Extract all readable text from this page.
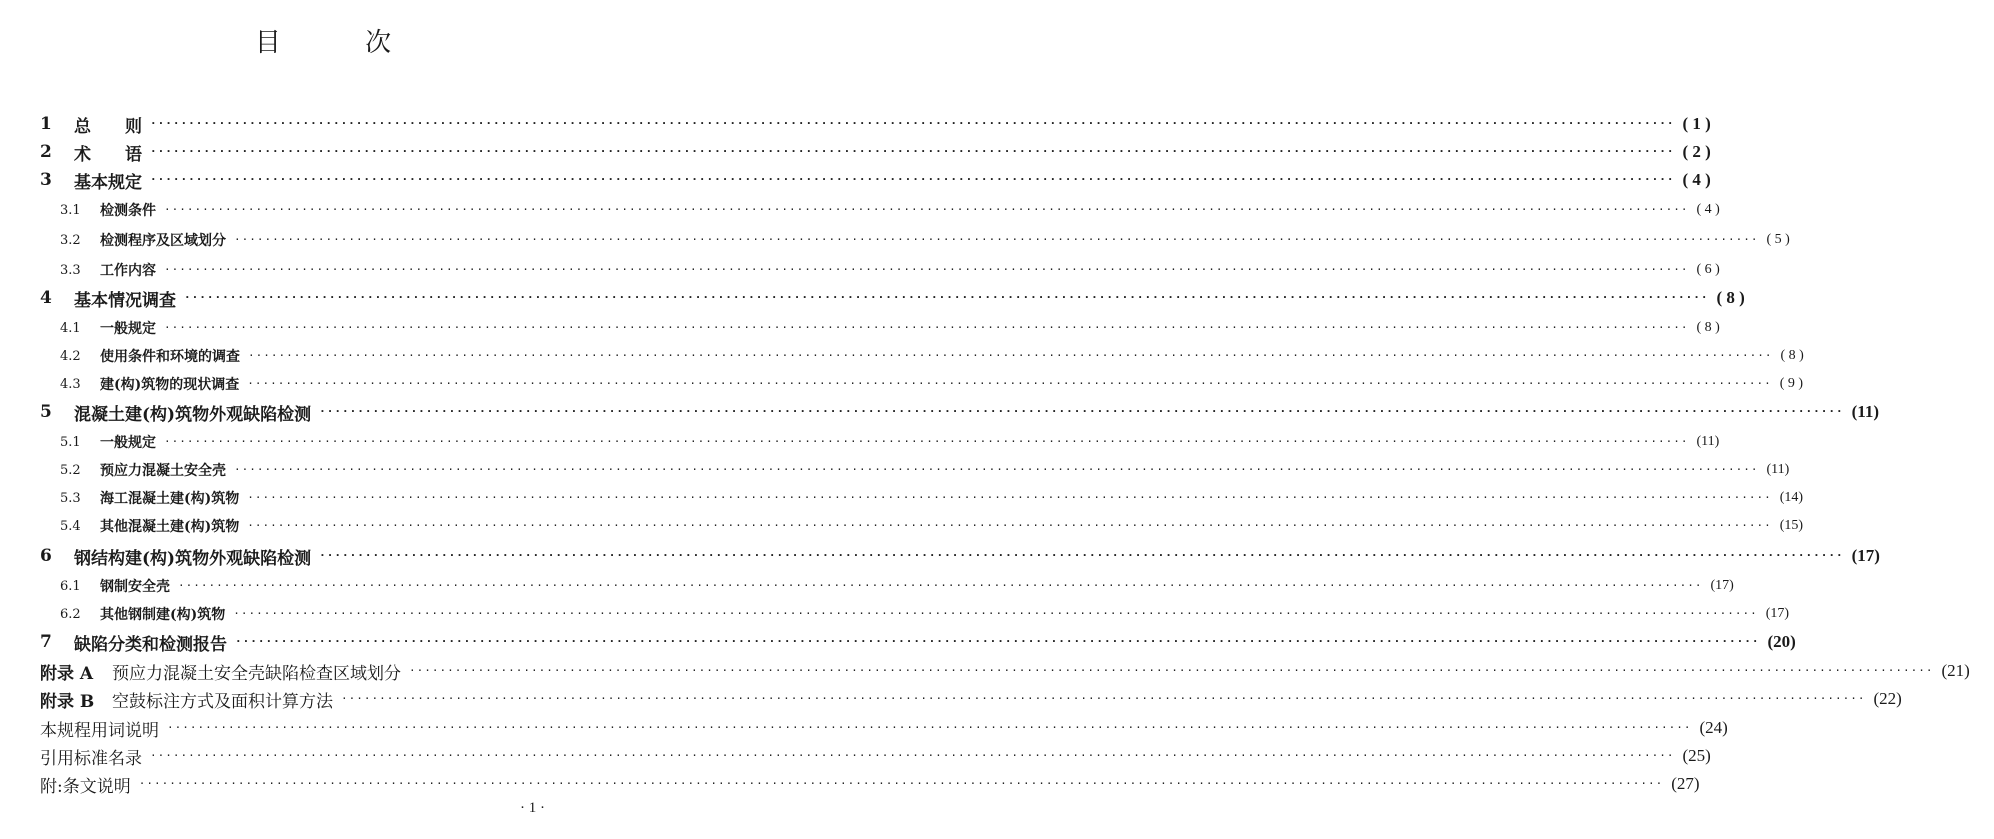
目 次
1	总　　则 ········································································································································································································ ( 1 )
2	术　　语 ········································································································································································································ ( 2 )
3	基本规定 ········································································································································································································ ( 4 )
3.1	检测条件 ········································································································································································································ ( 4 )
3.2	检测程序及区域划分 ········································································································································································································ ( 5 )
3.3	工作内容 ········································································································································································································ ( 6 )
4	基本情况调查 ········································································································································································································ ( 8 )
4.1	一般规定 ········································································································································································································ ( 8 )
4.2	使用条件和环境的调查 ········································································································································································································ ( 8 )
4.3	建(构)筑物的现状调查 ········································································································································································································ ( 9 )
5	混凝土建(构)筑物外观缺陷检测 ········································································································································································································ (11)
5.1	一般规定 ········································································································································································································ (11)
5.2	预应力混凝土安全壳 ········································································································································································································ (11)
5.3	海工混凝土建(构)筑物 ········································································································································································································ (14)
5.4	其他混凝土建(构)筑物 ········································································································································································································ (15)
6	钢结构建(构)筑物外观缺陷检测 ········································································································································································································ (17)
6.1	钢制安全壳 ········································································································································································································ (17)
6.2	其他钢制建(构)筑物 ········································································································································································································ (17)
7	缺陷分类和检测报告 ········································································································································································································ (20)
附录 A	预应力混凝土安全壳缺陷检查区域划分 ········································································································································································································ (21)
附录 B	空鼓标注方式及面积计算方法 ········································································································································································································ (22)
本规程用词说明 ········································································································································································································ (24)
引用标准名录 ········································································································································································································ (25)
附:条文说明 ········································································································································································································ (27)
· 1 ·
